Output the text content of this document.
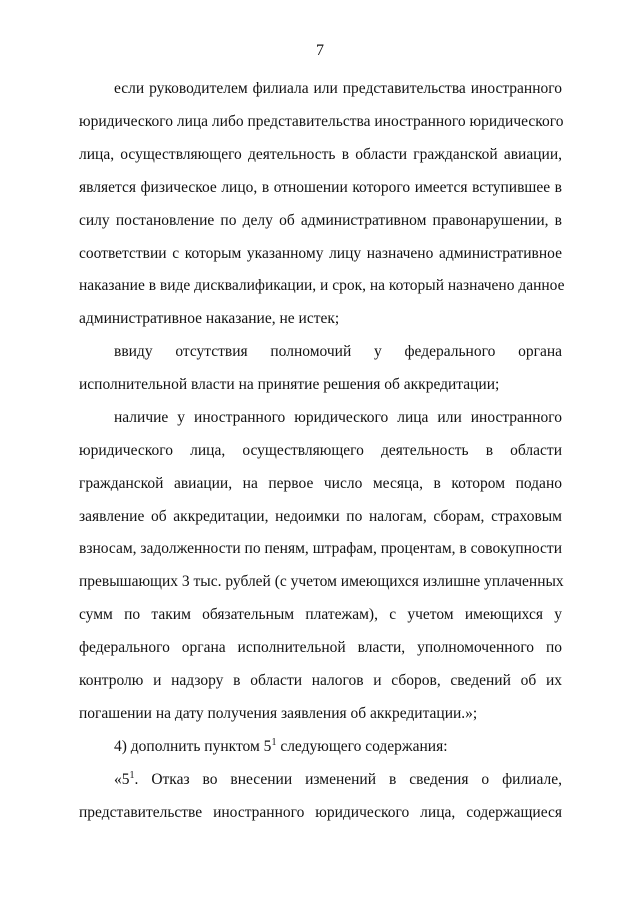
7
если руководителем филиала или представительства иностранного
юридического лица либо представительства иностранного юридического
лица, осуществляющего деятельность в области гражданской авиации,
является физическое лицо, в отношении которого имеется вступившее в
силу постановление по делу об административном правонарушении, в
соответствии с которым указанному лицу назначено административное
наказание в виде дисквалификации, и срок, на который назначено данное
административное наказание, не истек;
ввиду отсутствия полномочий у федерального органа
исполнительной власти на принятие решения об аккредитации;
наличие у иностранного юридического лица или иностранного
юридического лица, осуществляющего деятельность в области
гражданской авиации, на первое число месяца, в котором подано
заявление об аккредитации, недоимки по налогам, сборам, страховым
взносам, задолженности по пеням, штрафам, процентам, в совокупности
превышающих 3 тыс. рублей (с учетом имеющихся излишне уплаченных
сумм по таким обязательным платежам), с учетом имеющихся у
федерального органа исполнительной власти, уполномоченного по
контролю и надзору в области налогов и сборов, сведений об их
погашении на дату получения заявления об аккредитации.»;
4) дополнить пунктом $5^1$ следующего содержания:
«$5^1$. Отказ во внесении изменений в сведения о филиале,
представительстве иностранного юридического лица, содержащиеся
